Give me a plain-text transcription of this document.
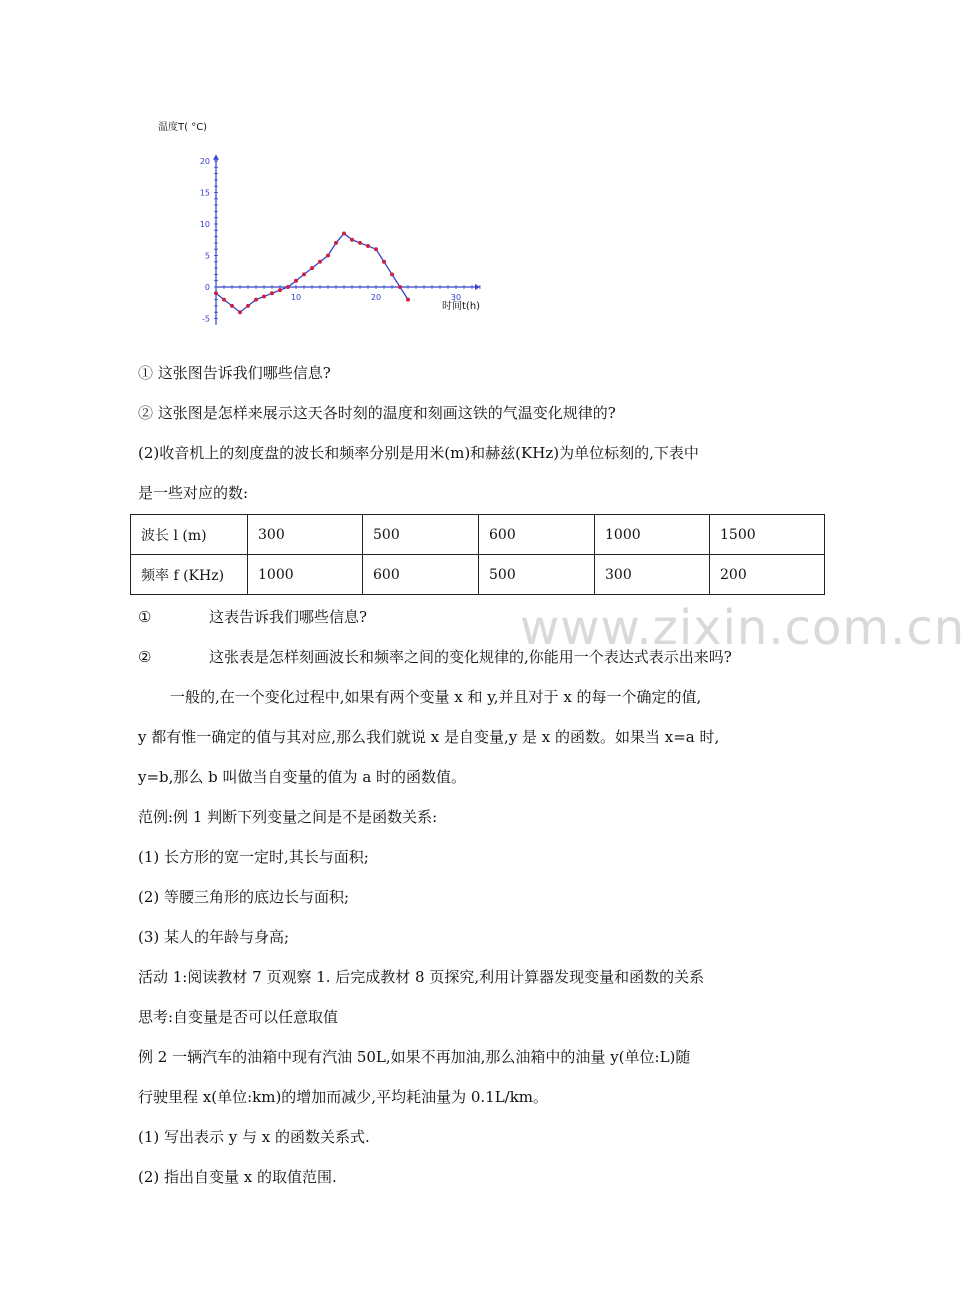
温度T( °C)
10	20	30
20
15
10
5
0
-5
时间t(h)
① 这张图告诉我们哪些信息?
② 这张图是怎样来展示这天各时刻的温度和刻画这铁的气温变化规律的?
(2)收音机上的刻度盘的波长和频率分别是用米(m)和赫兹(KHz)为单位标刻的,下表中
是一些对应的数:
波长 l (m)	300	500	600	1000	1500
频率 f (KHz)	1000	600	500	300	200
www.zixin.com.cn
①	这表告诉我们哪些信息?
②	这张表是怎样刻画波长和频率之间的变化规律的,你能用一个表达式表示出来吗?
一般的,在一个变化过程中,如果有两个变量 x 和 y,并且对于 x 的每一个确定的值,
y 都有惟一确定的值与其对应,那么我们就说 x 是自变量,y 是 x 的函数。如果当 x=a 时,
y=b,那么 b 叫做当自变量的值为 a 时的函数值。
范例:例 1 判断下列变量之间是不是函数关系:
(1) 长方形的宽一定时,其长与面积;
(2) 等腰三角形的底边长与面积;
(3) 某人的年龄与身高;
活动 1:阅读教材 7 页观察 1. 后完成教材 8 页探究,利用计算器发现变量和函数的关系
思考:自变量是否可以任意取值
例 2 一辆汽车的油箱中现有汽油 50L,如果不再加油,那么油箱中的油量 y(单位:L)随
行驶里程 x(单位:km)的增加而减少,平均耗油量为 0.1L/km。
(1) 写出表示 y 与 x 的函数关系式.
(2) 指出自变量 x 的取值范围.
